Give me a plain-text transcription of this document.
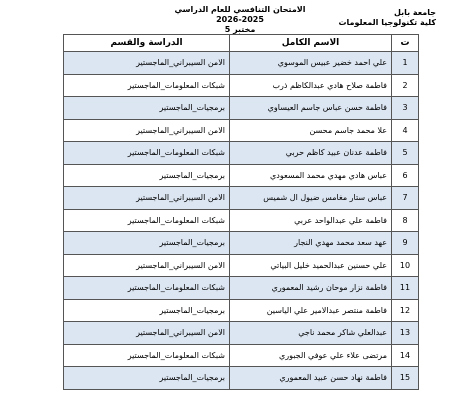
جامعة بابل
كلية تكنولوجيا المعلومات
الامتحان التنافسي للعام الدراسي 2025-2026
مختبر 5
ت	الاسم الكامل	الدراسة والقسم
1	علي احمد خضير عبيس الموسوي	الامن السيبراني_الماجستير
2	فاطمة صلاح هادي عبدالكاظم ذرب	شبكات المعلومات_الماجستير
3	فاطمة حسن عباس جاسم العيساوي	برمجيات_الماجستير
4	علا محمد جاسم محسن	الامن السيبراني_الماجستير
5	فاطمة عدنان عبيد كاظم حربي	شبكات المعلومات_الماجستير
6	عباس هادي مهدي محمد المسعودي	برمجيات_الماجستير
7	عباس ستار مغامس ضيول ال شميس	الامن السيبراني_الماجستير
8	فاطمة علي عبدالواحد عربي	شبكات المعلومات_الماجستير
9	عهد سعد محمد مهدي النجار	برمجيات_الماجستير
10	علي حسنين عبدالحميد خليل البياتي	الامن السيبراني_الماجستير
11	فاطمة نزار موحان رشيد المعموري	شبكات المعلومات_الماجستير
12	فاطمة منتصر عبدالامير علي الياسين	برمجيات_الماجستير
13	عبدالعلي شاكر محمد ناجي	الامن السيبراني_الماجستير
14	مرتضى علاء علي عوفي الجبوري	شبكات المعلومات_الماجستير
15	فاطمة نهاد حسن عبيد المعموري	برمجيات_الماجستير
